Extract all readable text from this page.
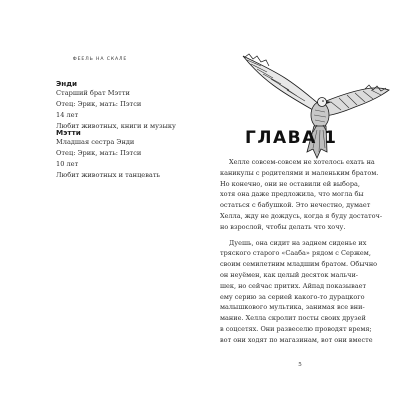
ФЕЕЛЬ НА СКАЛЕ
Энди
Старший брат Мэтти
Отец: Эрик, мать: Пэтси
14 лет
Любит животных, книги и музыку
Мэтти
Младшая сестра Энди
Отец: Эрик, мать: Пэтси
10 лет
Любит животных и танцевать
ГЛАВА 1
Хелле совсем-совсем не хотелось ехать на
каникулы с родителями и маленьким братом.
Но конечно, они не оставили ей выбора,
хотя она даже предложила, что могла бы
остаться с бабушкой. Это нечестно, думает
Хелла, жду не дождусь, когда я буду достаточ-
но взрослой, чтобы делать что хочу.
Дуешь, она сидит на заднем сиденье их
тряского старого «Сааба» рядом с Сержем,
своим семилетним младшим братом. Обычно
он неуёмен, как целый десяток мальчи-
шек, но сейчас притих. Айпад показывает
ему серию за серией какого-то дурацкого
малышкового мультика, занимая все вни-
мание. Хелла скролит посты своих друзей
в соцсетях. Они развеселю проводят время;
вот они ходят по магазинам, вот они вместе
5
